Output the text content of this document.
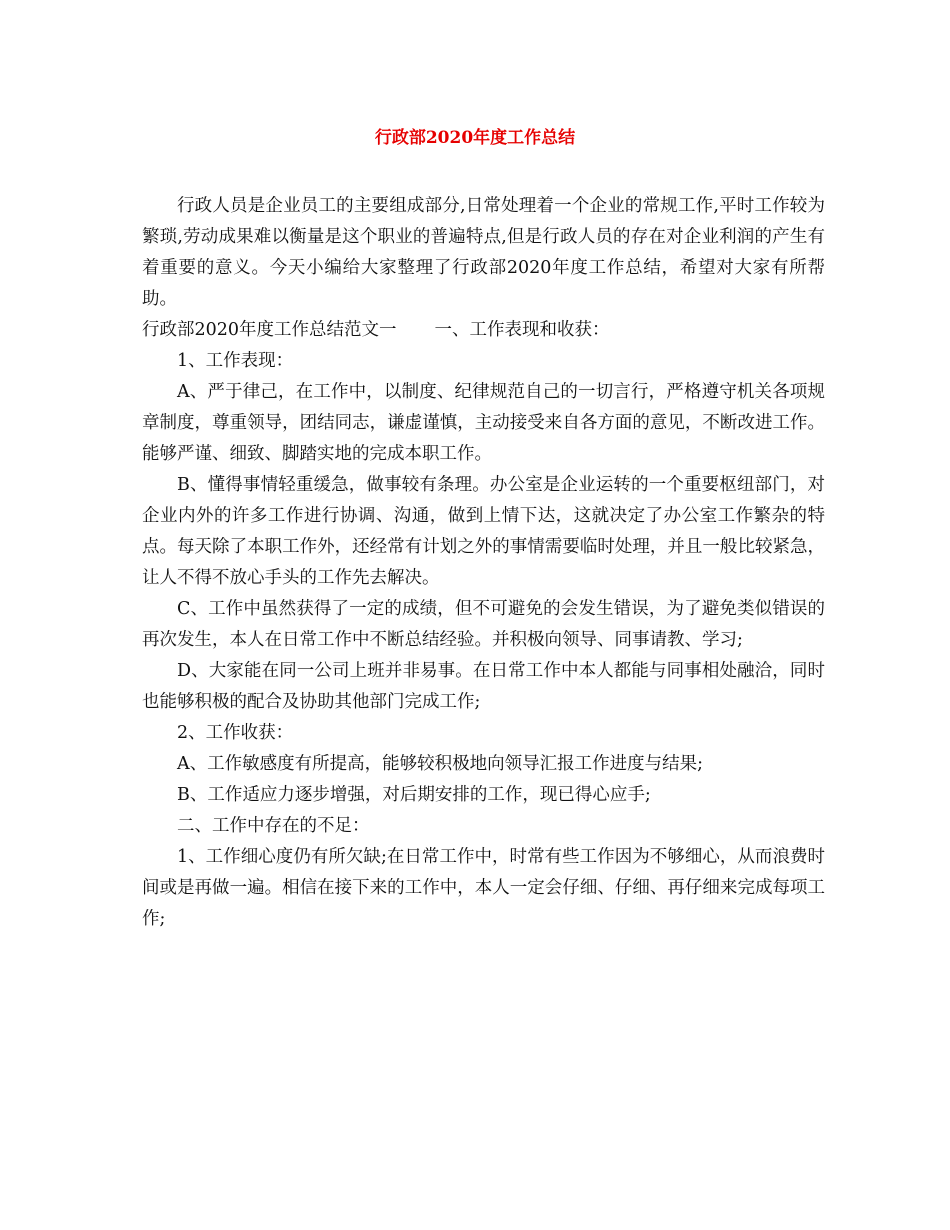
行政部2020年度工作总结

行政人员是企业员工的主要组成部分,日常处理着一个企业的常规工作,平时工作较为繁琐,劳动成果难以衡量是这个职业的普遍特点,但是行政人员的存在对企业利润的产生有着重要的意义。今天小编给大家整理了行政部2020年度工作总结，希望对大家有所帮助。

行政部2020年度工作总结范文一 一、工作表现和收获：

1、工作表现：

A、严于律己，在工作中，以制度、纪律规范自己的一切言行，严格遵守机关各项规章制度，尊重领导，团结同志，谦虚谨慎，主动接受来自各方面的意见，不断改进工作。能够严谨、细致、脚踏实地的完成本职工作。

B、懂得事情轻重缓急，做事较有条理。办公室是企业运转的一个重要枢纽部门，对企业内外的许多工作进行协调、沟通，做到上情下达，这就决定了办公室工作繁杂的特点。每天除了本职工作外，还经常有计划之外的事情需要临时处理，并且一般比较紧急，让人不得不放心手头的工作先去解决。

C、工作中虽然获得了一定的成绩，但不可避免的会发生错误，为了避免类似错误的再次发生，本人在日常工作中不断总结经验。并积极向领导、同事请教、学习;

D、大家能在同一公司上班并非易事。在日常工作中本人都能与同事相处融洽，同时也能够积极的配合及协助其他部门完成工作;

2、工作收获：

A、工作敏感度有所提高，能够较积极地向领导汇报工作进度与结果;

B、工作适应力逐步增强，对后期安排的工作，现已得心应手;

二、工作中存在的不足：

1、工作细心度仍有所欠缺;在日常工作中，时常有些工作因为不够细心，从而浪费时间或是再做一遍。相信在接下来的工作中，本人一定会仔细、仔细、再仔细来完成每项工作;
